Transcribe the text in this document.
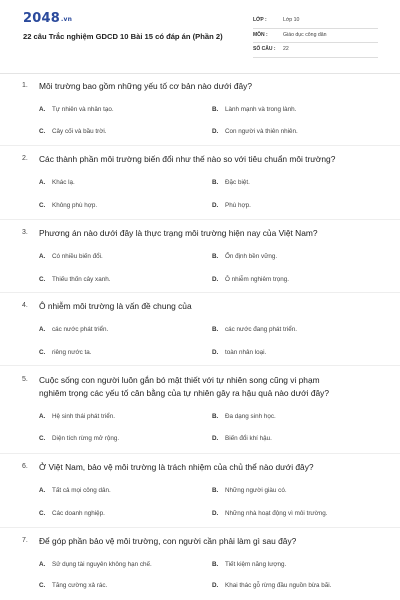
2048.vn
22 câu Trắc nghiệm GDCD 10 Bài 15 có đáp án (Phần 2)
LỚP :	Lớp 10
MÔN :	Giáo dục công dân
SỐ CÂU : 22
1. Môi trường bao gồm những yếu tố cơ bản nào dưới đây?
A. Tự nhiên và nhân tạo.	B. Lành mạnh và trong lành.
C. Cây cối và bầu trời.	D. Con người và thiên nhiên.
2. Các thành phần môi trường biến đổi như thế nào so với tiêu chuẩn môi trường?
A. Khác lạ.	B. Đặc biệt.
C. Không phù hợp.	D. Phù hợp.
3. Phương án nào dưới đây là thực trạng môi trường hiện nay của Việt Nam?
A. Có nhiều biến đổi.	B. Ổn định bền vững.
C. Thiếu thốn cây xanh.	D. Ô nhiễm nghiêm trọng.
4. Ô nhiễm môi trường là vấn đề chung của
A. các nước phát triển.	B. các nước đang phát triển.
C. riêng nước ta.	D. toàn nhân loại.
5. Cuộc sống con người luôn gắn bó mật thiết với tự nhiên song cũng vi phạm
nghiêm trọng các yếu tố cân bằng của tự nhiên gây ra hậu quả nào dưới đây?
A. Hệ sinh thái phát triển.	B. Đa dạng sinh học.
C. Diện tích rừng mở rộng.	D. Biến đổi khí hậu.
6. Ở Việt Nam, bảo vệ môi trường là trách nhiệm của chủ thể nào dưới đây?
A. Tất cả mọi công dân.	B. Những người giàu có.
C. Các doanh nghiệp.	D. Những nhà hoạt động vì môi trường.
7. Để góp phần bảo vệ môi trường, con người cần phải làm gì sau đây?
A. Sử dụng tài nguyên không hạn chế.	B. Tiết kiệm năng lượng.
C. Tăng cường xả rác.	D. Khai thác gỗ rừng đầu nguồn bừa bãi.
